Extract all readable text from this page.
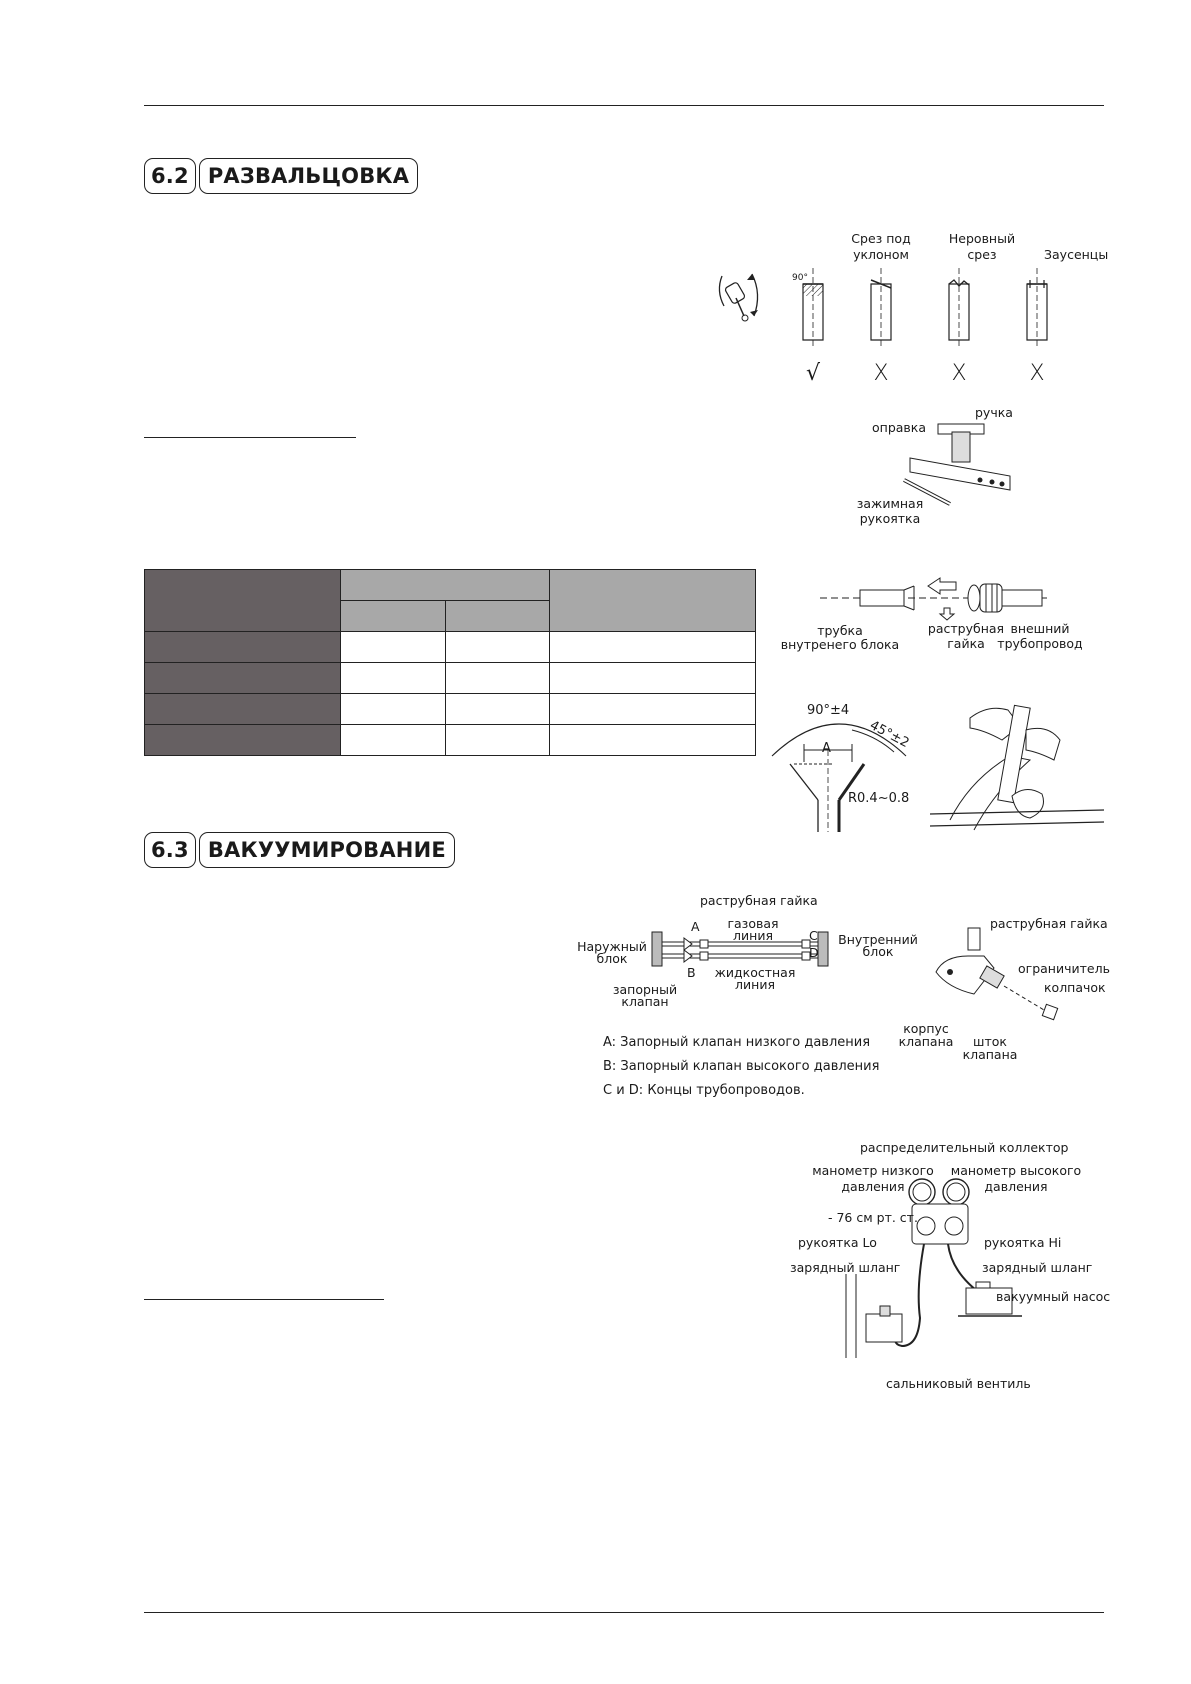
6.2 РАЗВАЛЬЦОВКА
90°
Срез под
уклоном
Неровный
срез	Заусенцы
√ X	X	X
ручка
оправка
зажимная
рукоятка

трубка
внутренего блока
раструбная
гайка
внешний
трубопровод
90°±4
45°±2
A
R0.4~0.8
6.3 ВАКУУМИРОВАНИЕ
раструбная гайка
газовая
линия
жидкостная
линия
A
B
C
D
Наружный
блок
Внутренний
блок
запорный
клапан
A: Запорный клапан низкого давления
B: Запорный клапан высокого давления
C и D: Концы трубопроводов.
раструбная гайка
ограничитель
колпачок
корпус
клапана	шток
клапана
распределительный коллектор
манометр низкого
давления
манометр высокого
давления
- 76 см рт. ст.
рукоятка Lo	рукоятка Hi
зарядный шланг	зарядный шланг
вакуумный насос
сальниковый вентиль
